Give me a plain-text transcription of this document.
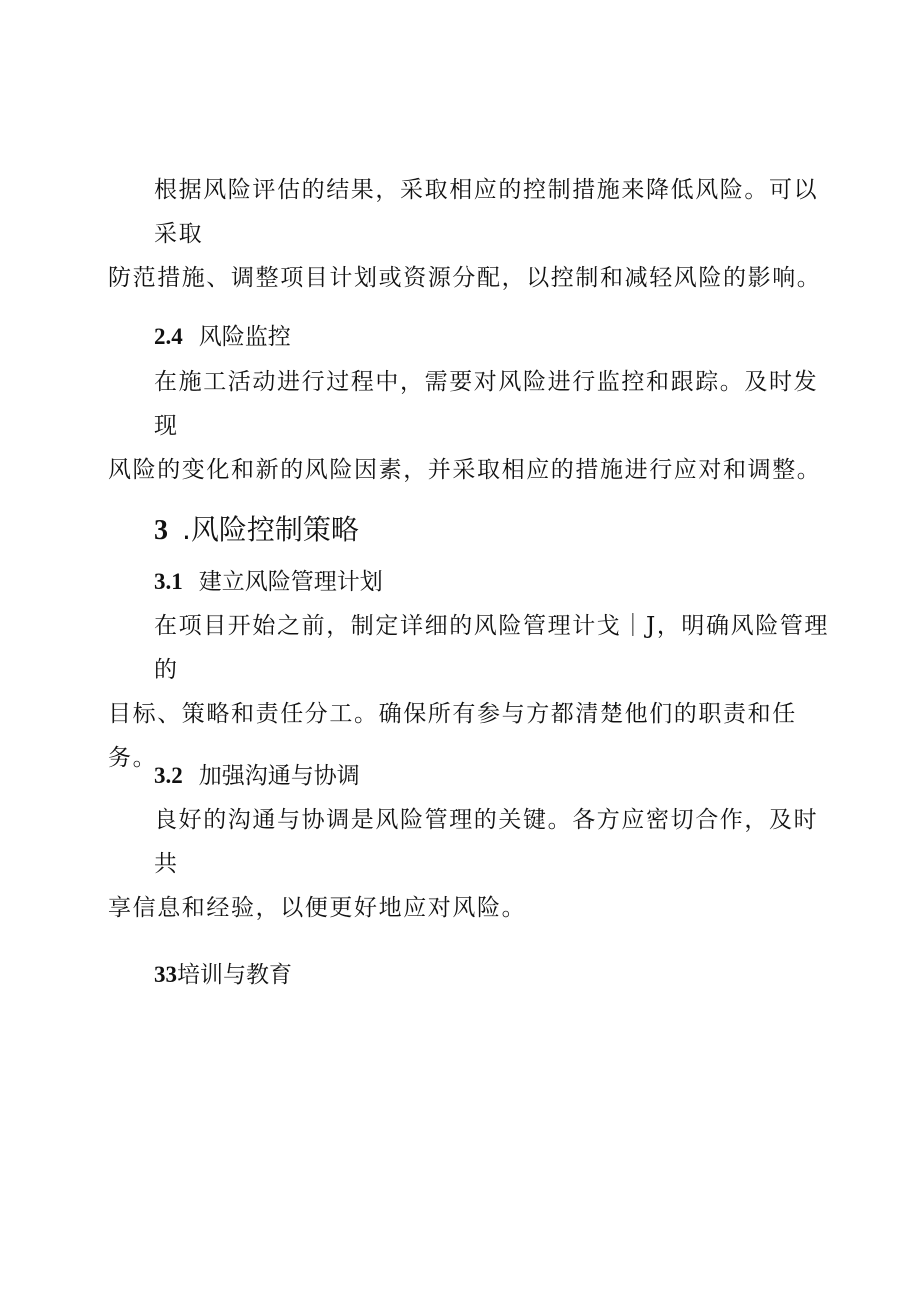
根据风险评估的结果，采取相应的控制措施来降低风险。可以采取
防范措施、调整项目计划或资源分配，以控制和减轻风险的影响。
2.4 风险监控
在施工活动进行过程中，需要对风险进行监控和跟踪。及时发现
风险的变化和新的风险因素，并采取相应的措施进行应对和调整。
3 .风险控制策略
3.1 建立风险管理计划
在项目开始之前，制定详细的风险管理计戈｜J，明确风险管理的
目标、策略和责任分工。确保所有参与方都清楚他们的职责和任务。
3.2 加强沟通与协调
良好的沟通与协调是风险管理的关键。各方应密切合作，及时共
享信息和经验，以便更好地应对风险。
33培训与教育
